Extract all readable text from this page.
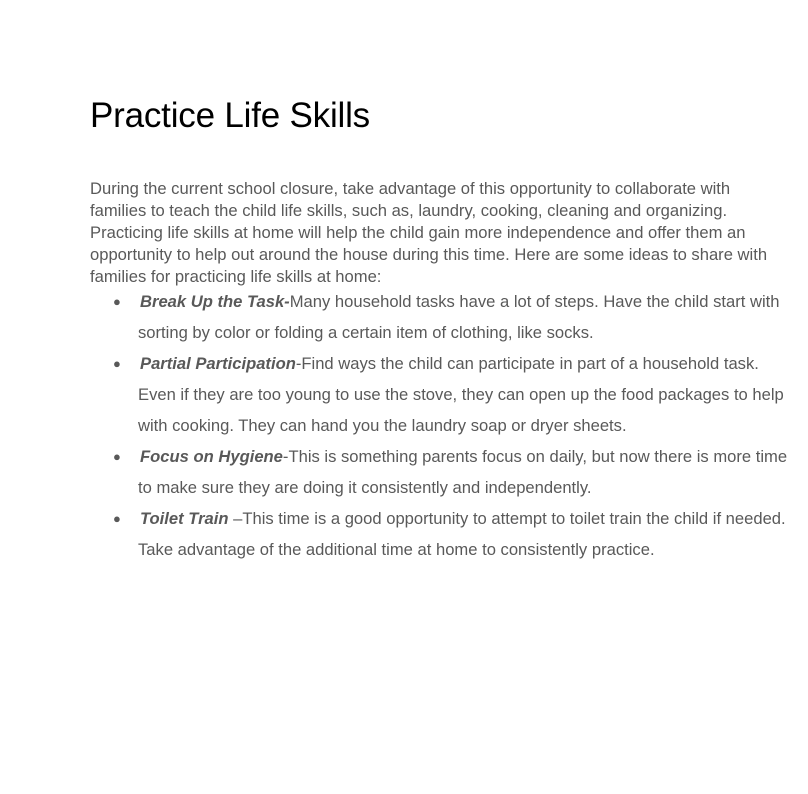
Practice Life Skills

During the current school closure, take advantage of this opportunity to collaborate with families to teach the child life skills, such as, laundry, cooking, cleaning and organizing. Practicing life skills at home will help the child gain more independence and offer them an opportunity to help out around the house during this time. Here are some ideas to share with families for practicing life skills at home:

● Break Up the Task-Many household tasks have a lot of steps. Have the child start with sorting by color or folding a certain item of clothing, like socks.
● Partial Participation-Find ways the child can participate in part of a household task. Even if they are too young to use the stove, they can open up the food packages to help with cooking. They can hand you the laundry soap or dryer sheets.
● Focus on Hygiene-This is something parents focus on daily, but now there is more time to make sure they are doing it consistently and independently.
● Toilet Train –This time is a good opportunity to attempt to toilet train the child if needed. Take advantage of the additional time at home to consistently practice.
